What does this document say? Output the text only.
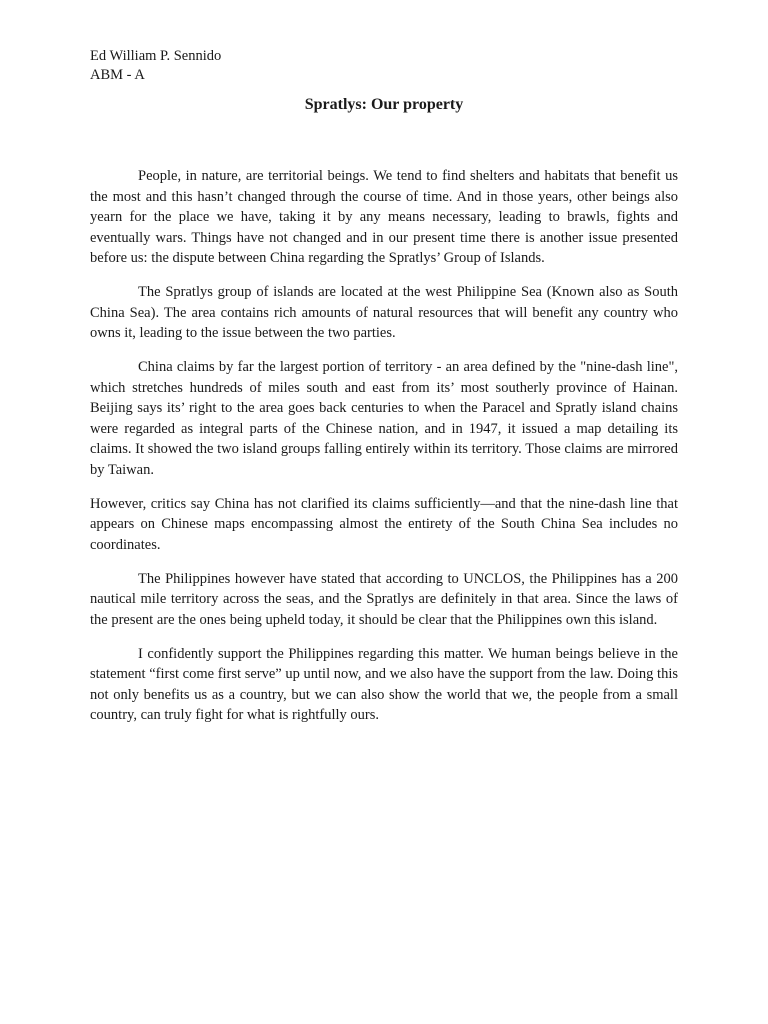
Ed William P. Sennido
ABM - A
Spratlys: Our property

People, in nature, are territorial beings. We tend to find shelters and habitats that benefit us the most and this hasn’t changed through the course of time. And in those years, other beings also yearn for the place we have, taking it by any means necessary, leading to brawls, fights and eventually wars. Things have not changed and in our present time there is another issue presented before us: the dispute between China regarding the Spratlys’ Group of Islands.

The Spratlys group of islands are located at the west Philippine Sea (Known also as South China Sea). The area contains rich amounts of natural resources that will benefit any country who owns it, leading to the issue between the two parties.

China claims by far the largest portion of territory - an area defined by the "nine-dash line", which stretches hundreds of miles south and east from its’ most southerly province of Hainan. Beijing says its’ right to the area goes back centuries to when the Paracel and Spratly island chains were regarded as integral parts of the Chinese nation, and in 1947, it issued a map detailing its claims. It showed the two island groups falling entirely within its territory. Those claims are mirrored by Taiwan.

However, critics say China has not clarified its claims sufficiently—and that the nine-dash line that appears on Chinese maps encompassing almost the entirety of the South China Sea includes no coordinates.

The Philippines however have stated that according to UNCLOS, the Philippines has a 200 nautical mile territory across the seas, and the Spratlys are definitely in that area. Since the laws of the present are the ones being upheld today, it should be clear that the Philippines own this island.

I confidently support the Philippines regarding this matter. We human beings believe in the statement “first come first serve” up until now, and we also have the support from the law. Doing this not only benefits us as a country, but we can also show the world that we, the people from a small country, can truly fight for what is rightfully ours.
